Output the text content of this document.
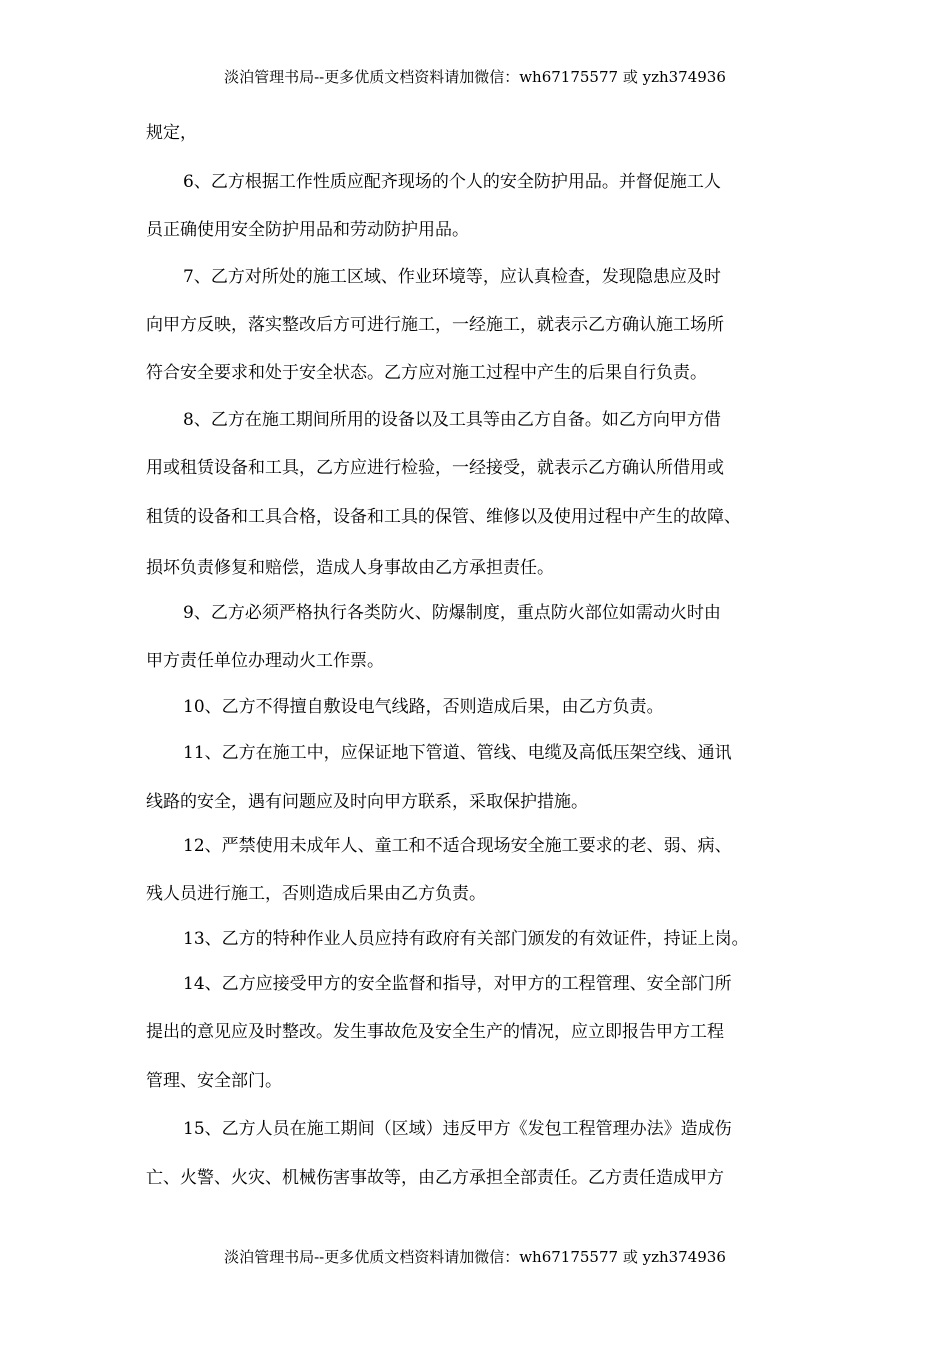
淡泊管理书局--更多优质文档资料请加微信：wh67175577 或 yzh374936
规定，
6、乙方根据工作性质应配齐现场的个人的安全防护用品。并督促施工人
员正确使用安全防护用品和劳动防护用品。
7、乙方对所处的施工区域、作业环境等，应认真检查，发现隐患应及时
向甲方反映，落实整改后方可进行施工，一经施工，就表示乙方确认施工场所
符合安全要求和处于安全状态。乙方应对施工过程中产生的后果自行负责。
8、乙方在施工期间所用的设备以及工具等由乙方自备。如乙方向甲方借
用或租赁设备和工具，乙方应进行检验，一经接受，就表示乙方确认所借用或
租赁的设备和工具合格，设备和工具的保管、维修以及使用过程中产生的故障、
损坏负责修复和赔偿，造成人身事故由乙方承担责任。
9、乙方必须严格执行各类防火、防爆制度，重点防火部位如需动火时由
甲方责任单位办理动火工作票。
10、乙方不得擅自敷设电气线路，否则造成后果，由乙方负责。
11、乙方在施工中，应保证地下管道、管线、电缆及高低压架空线、通讯
线路的安全，遇有问题应及时向甲方联系，采取保护措施。
12、严禁使用未成年人、童工和不适合现场安全施工要求的老、弱、病、
残人员进行施工，否则造成后果由乙方负责。
13、乙方的特种作业人员应持有政府有关部门颁发的有效证件，持证上岗。
14、乙方应接受甲方的安全监督和指导，对甲方的工程管理、安全部门所
提出的意见应及时整改。发生事故危及安全生产的情况，应立即报告甲方工程
管理、安全部门。
15、乙方人员在施工期间（区域）违反甲方《发包工程管理办法》造成伤
亡、火警、火灾、机械伤害事故等，由乙方承担全部责任。乙方责任造成甲方
淡泊管理书局--更多优质文档资料请加微信：wh67175577 或 yzh374936
